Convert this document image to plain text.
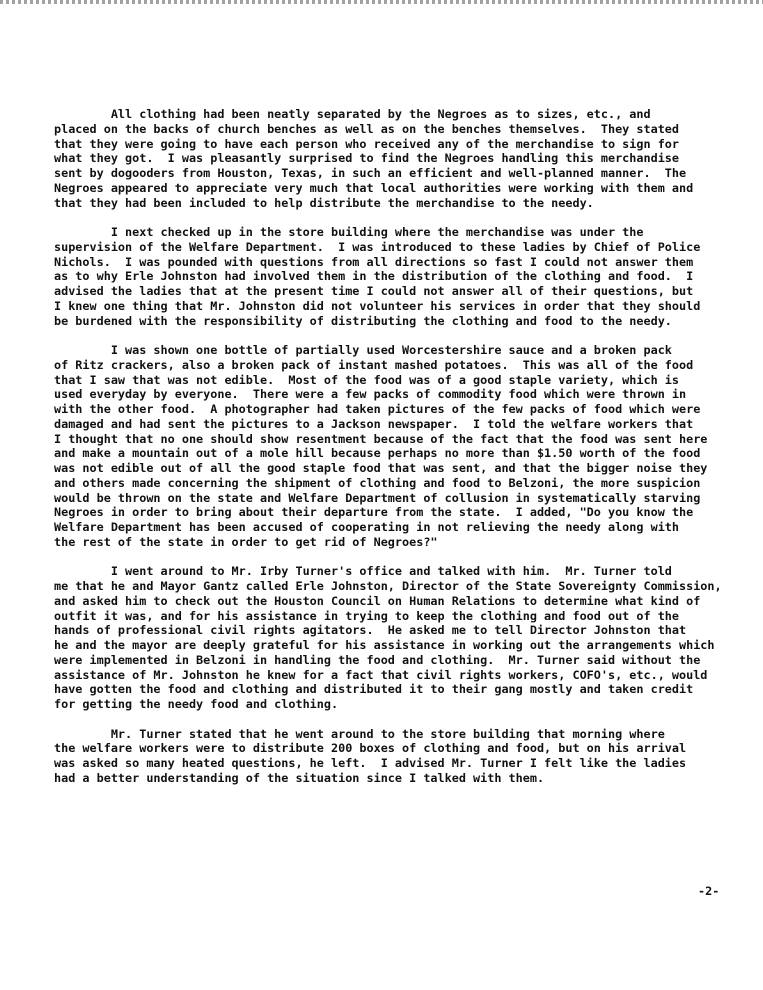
All clothing had been neatly separated by the Negroes as to sizes, etc., and
placed on the backs of church benches as well as on the benches themselves.  They stated
that they were going to have each person who received any of the merchandise to sign for
what they got.  I was pleasantly surprised to find the Negroes handling this merchandise
sent by dogooders from Houston, Texas, in such an efficient and well-planned manner.  The
Negroes appeared to appreciate very much that local authorities were working with them and
that they had been included to help distribute the merchandise to the needy.
I next checked up in the store building where the merchandise was under the
supervision of the Welfare Department.  I was introduced to these ladies by Chief of Police
Nichols.  I was pounded with questions from all directions so fast I could not answer them
as to why Erle Johnston had involved them in the distribution of the clothing and food.  I
advised the ladies that at the present time I could not answer all of their questions, but
I knew one thing that Mr. Johnston did not volunteer his services in order that they should
be burdened with the responsibility of distributing the clothing and food to the needy.
I was shown one bottle of partially used Worcestershire sauce and a broken pack
of Ritz crackers, also a broken pack of instant mashed potatoes.  This was all of the food
that I saw that was not edible.  Most of the food was of a good staple variety, which is
used everyday by everyone.  There were a few packs of commodity food which were thrown in
with the other food.  A photographer had taken pictures of the few packs of food which were
damaged and had sent the pictures to a Jackson newspaper.  I told the welfare workers that
I thought that no one should show resentment because of the fact that the food was sent here
and make a mountain out of a mole hill because perhaps no more than $1.50 worth of the food
was not edible out of all the good staple food that was sent, and that the bigger noise they
and others made concerning the shipment of clothing and food to Belzoni, the more suspicion
would be thrown on the state and Welfare Department of collusion in systematically starving
Negroes in order to bring about their departure from the state.  I added, "Do you know the
Welfare Department has been accused of cooperating in not relieving the needy along with
the rest of the state in order to get rid of Negroes?"
I went around to Mr. Irby Turner's office and talked with him.  Mr. Turner told
me that he and Mayor Gantz called Erle Johnston, Director of the State Sovereignty Commission,
and asked him to check out the Houston Council on Human Relations to determine what kind of
outfit it was, and for his assistance in trying to keep the clothing and food out of the
hands of professional civil rights agitators.  He asked me to tell Director Johnston that
he and the mayor are deeply grateful for his assistance in working out the arrangements which
were implemented in Belzoni in handling the food and clothing.  Mr. Turner said without the
assistance of Mr. Johnston he knew for a fact that civil rights workers, COFO's, etc., would
have gotten the food and clothing and distributed it to their gang mostly and taken credit
for getting the needy food and clothing.
Mr. Turner stated that he went around to the store building that morning where
the welfare workers were to distribute 200 boxes of clothing and food, but on his arrival
was asked so many heated questions, he left.  I advised Mr. Turner I felt like the ladies
had a better understanding of the situation since I talked with them.
-2-
